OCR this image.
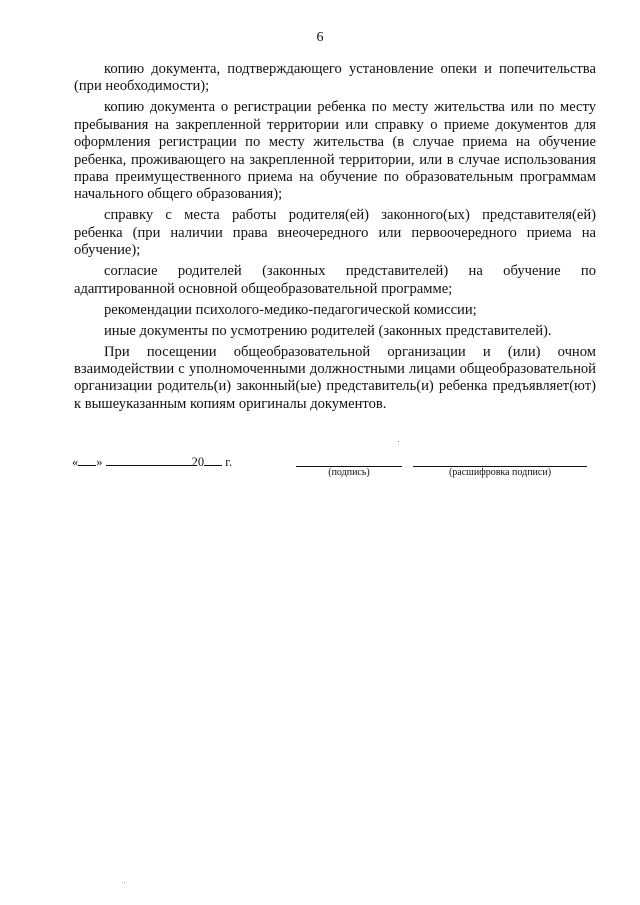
6

копию документа, подтверждающего установление опеки и попечительства (при необходимости);

копию документа о регистрации ребенка по месту жительства или по месту пребывания на закрепленной территории или справку о приеме документов для оформления регистрации по месту жительства (в случае приема на обучение ребенка, проживающего на закрепленной территории, или в случае использования права преимущественного приема на обучение по образовательным программам начального общего образования);

справку с места работы родителя(ей) законного(ых) представителя(ей) ребенка (при наличии права внеочередного или первоочередного приема на обучение);

согласие родителей (законных представителей) на обучение по адаптированной основной общеобразовательной программе;

рекомендации психолого-медико-педагогической комиссии;

иные документы по усмотрению родителей (законных представителей).

При посещении общеобразовательной организации и (или) очном взаимодействии с уполномоченными должностными лицами общеобразовательной организации родитель(и) законный(ые) представитель(и) ребенка предъявляет(ют) к вышеуказанным копиям оригиналы документов.

« »	20 г.
(подпись)	(расшифровка подписи)
